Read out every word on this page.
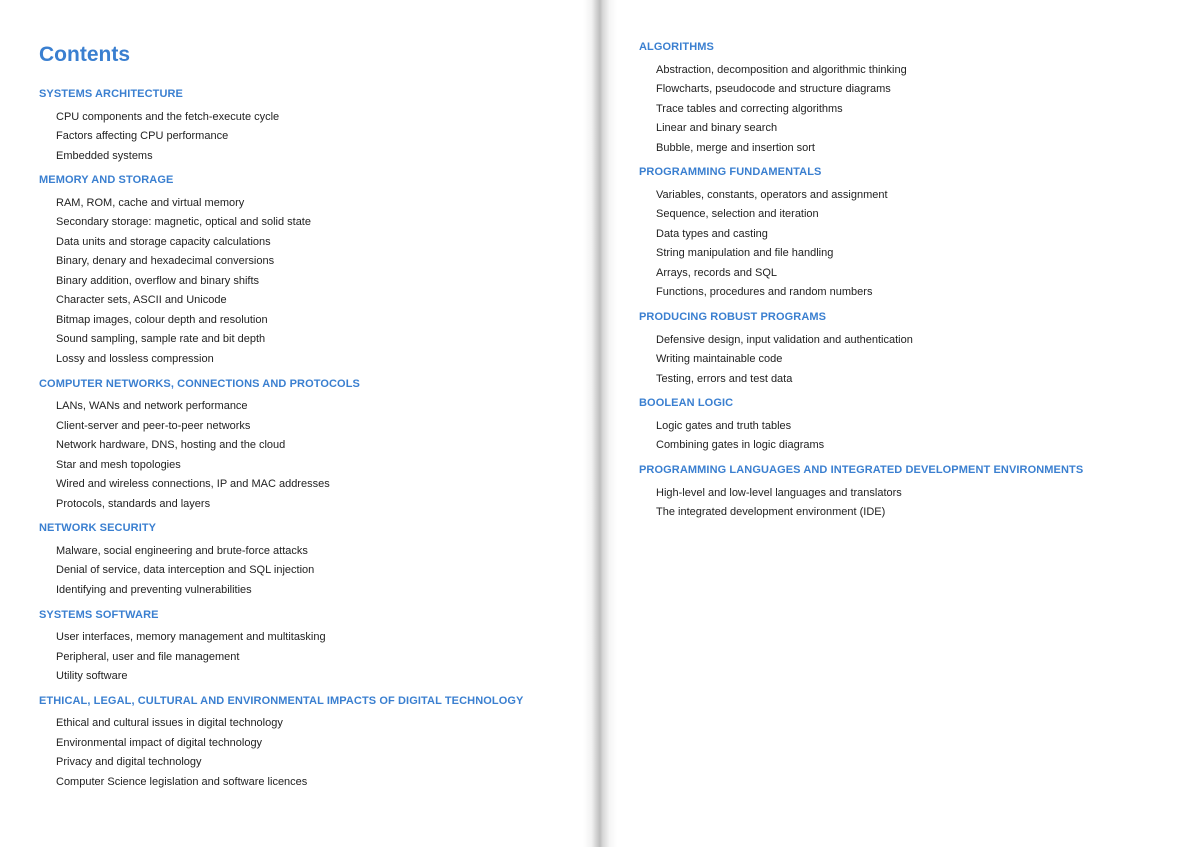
Contents
SYSTEMS ARCHITECTURE
CPU components and the fetch-execute cycle
Factors affecting CPU performance
Embedded systems
MEMORY AND STORAGE
RAM, ROM, cache and virtual memory
Secondary storage: magnetic, optical and solid state
Data units and storage capacity calculations
Binary, denary and hexadecimal conversions
Binary addition, overflow and binary shifts
Character sets, ASCII and Unicode
Bitmap images, colour depth and resolution
Sound sampling, sample rate and bit depth
Lossy and lossless compression
COMPUTER NETWORKS, CONNECTIONS AND PROTOCOLS
LANs, WANs and network performance
Client-server and peer-to-peer networks
Network hardware, DNS, hosting and the cloud
Star and mesh topologies
Wired and wireless connections, IP and MAC addresses
Protocols, standards and layers
NETWORK SECURITY
Malware, social engineering and brute-force attacks
Denial of service, data interception and SQL injection
Identifying and preventing vulnerabilities
SYSTEMS SOFTWARE
User interfaces, memory management and multitasking
Peripheral, user and file management
Utility software
ETHICAL, LEGAL, CULTURAL AND ENVIRONMENTAL IMPACTS OF DIGITAL TECHNOLOGY
Ethical and cultural issues in digital technology
Environmental impact of digital technology
Privacy and digital technology
Computer Science legislation and software licences
ALGORITHMS
Abstraction, decomposition and algorithmic thinking
Flowcharts, pseudocode and structure diagrams
Trace tables and correcting algorithms
Linear and binary search
Bubble, merge and insertion sort
PROGRAMMING FUNDAMENTALS
Variables, constants, operators and assignment
Sequence, selection and iteration
Data types and casting
String manipulation and file handling
Arrays, records and SQL
Functions, procedures and random numbers
PRODUCING ROBUST PROGRAMS
Defensive design, input validation and authentication
Writing maintainable code
Testing, errors and test data
BOOLEAN LOGIC
Logic gates and truth tables
Combining gates in logic diagrams
PROGRAMMING LANGUAGES AND INTEGRATED DEVELOPMENT ENVIRONMENTS
High-level and low-level languages and translators
The integrated development environment (IDE)
